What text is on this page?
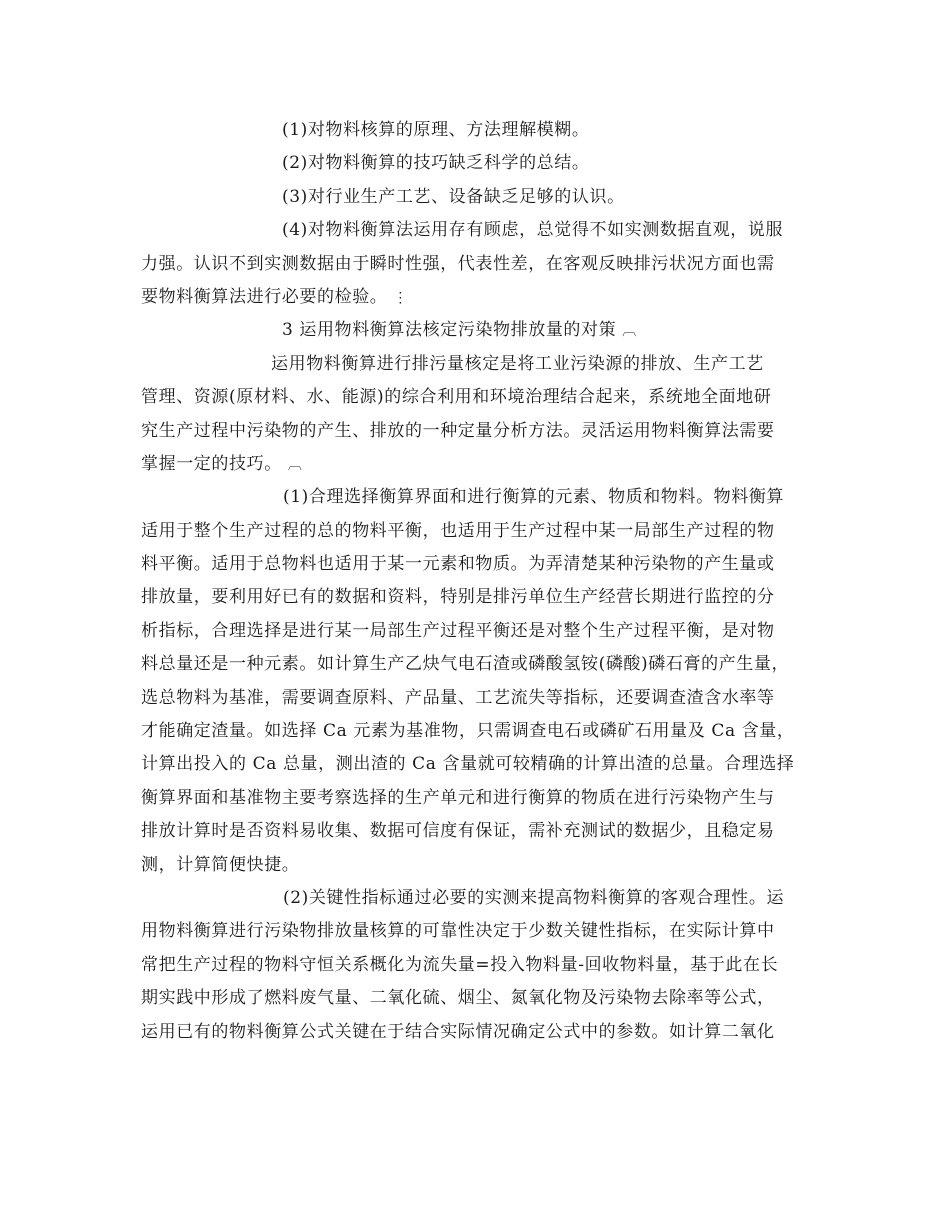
(1)对物料核算的原理、方法理解模糊。
(2)对物料衡算的技巧缺乏科学的总结。
(3)对行业生产工艺、设备缺乏足够的认识。
(4)对物料衡算法运用存有顾虑，总觉得不如实测数据直观，说服
力强。认识不到实测数据由于瞬时性强，代表性差，在客观反映排污状况方面也需
要物料衡算法进行必要的检验。 ⋮
3 运用物料衡算法核定污染物排放量的对策 ︹
运用物料衡算进行排污量核定是将工业污染源的排放、生产工艺
管理、资源(原材料、水、能源)的综合利用和环境治理结合起来，系统地全面地研
究生产过程中污染物的产生、排放的一种定量分析方法。灵活运用物料衡算法需要
掌握一定的技巧。 ︹
(1)合理选择衡算界面和进行衡算的元素、物质和物料。物料衡算
适用于整个生产过程的总的物料平衡，也适用于生产过程中某一局部生产过程的物
料平衡。适用于总物料也适用于某一元素和物质。为弄清楚某种污染物的产生量或
排放量，要利用好已有的数据和资料，特别是排污单位生产经营长期进行监控的分
析指标，合理选择是进行某一局部生产过程平衡还是对整个生产过程平衡，是对物
料总量还是一种元素。如计算生产乙炔气电石渣或磷酸氢铵(磷酸)磷石膏的产生量，
选总物料为基准，需要调查原料、产品量、工艺流失等指标，还要调查渣含水率等
才能确定渣量。如选择 Ca 元素为基准物，只需调查电石或磷矿石用量及 Ca 含量，
计算出投入的 Ca 总量，测出渣的 Ca 含量就可较精确的计算出渣的总量。合理选择
衡算界面和基准物主要考察选择的生产单元和进行衡算的物质在进行污染物产生与
排放计算时是否资料易收集、数据可信度有保证，需补充测试的数据少，且稳定易
测，计算简便快捷。
(2)关键性指标通过必要的实测来提高物料衡算的客观合理性。运
用物料衡算进行污染物排放量核算的可靠性决定于少数关键性指标，在实际计算中
常把生产过程的物料守恒关系概化为流失量=投入物料量-回收物料量，基于此在长
期实践中形成了燃料废气量、二氧化硫、烟尘、氮氧化物及污染物去除率等公式，
运用已有的物料衡算公式关键在于结合实际情况确定公式中的参数。如计算二氧化
